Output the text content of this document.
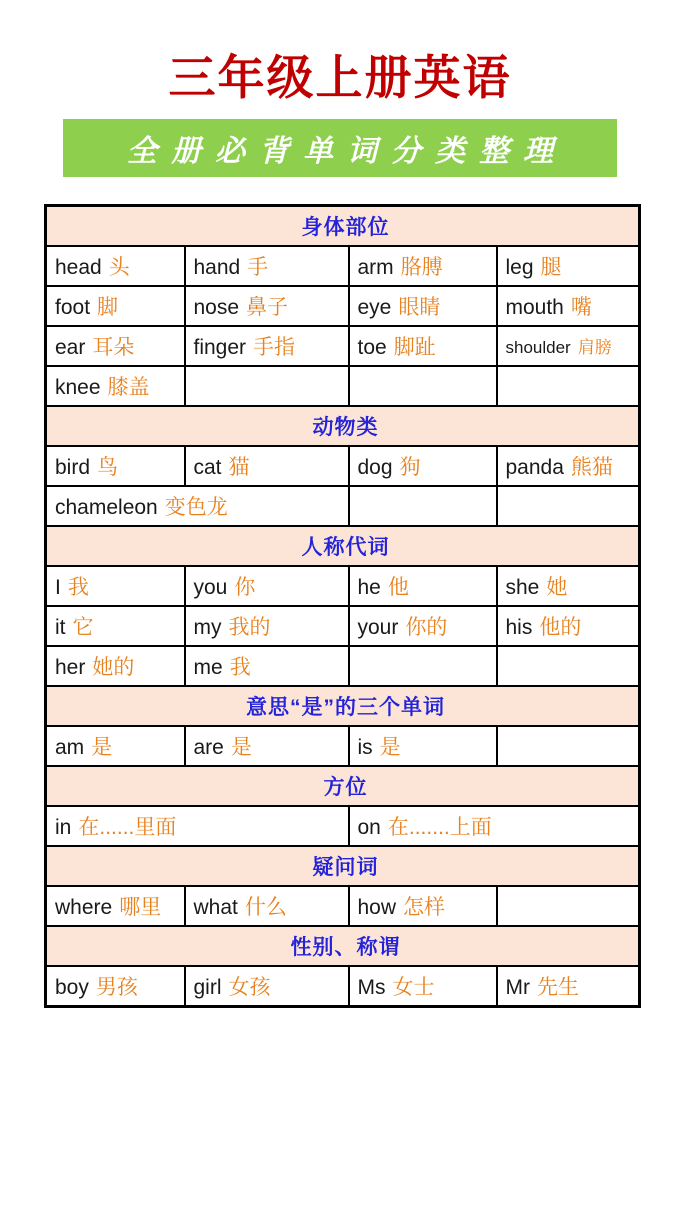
三年级上册英语
全册必背单词分类整理
身体部位			
head 头	hand 手	arm 胳膊	leg 腿
foot 脚	nose 鼻子	eye 眼睛	mouth 嘴
ear 耳朵	finger 手指	toe 脚趾	shoulder 肩膀
knee 膝盖			
动物类			
bird 鸟	cat 猫	dog 狗	panda 熊猫
chameleon 变色龙			
人称代词			
I 我	you 你	he 他	she 她
it 它	my 我的	your 你的	his 他的
her 她的	me 我		
意思“是”的三个单词			
am 是	are 是	is 是	
方位			
in 在......里面		on 在.......上面	
疑问词			
where 哪里	what 什么	how 怎样	
性别、称谓			
boy 男孩	girl 女孩	Ms 女士	Mr 先生
